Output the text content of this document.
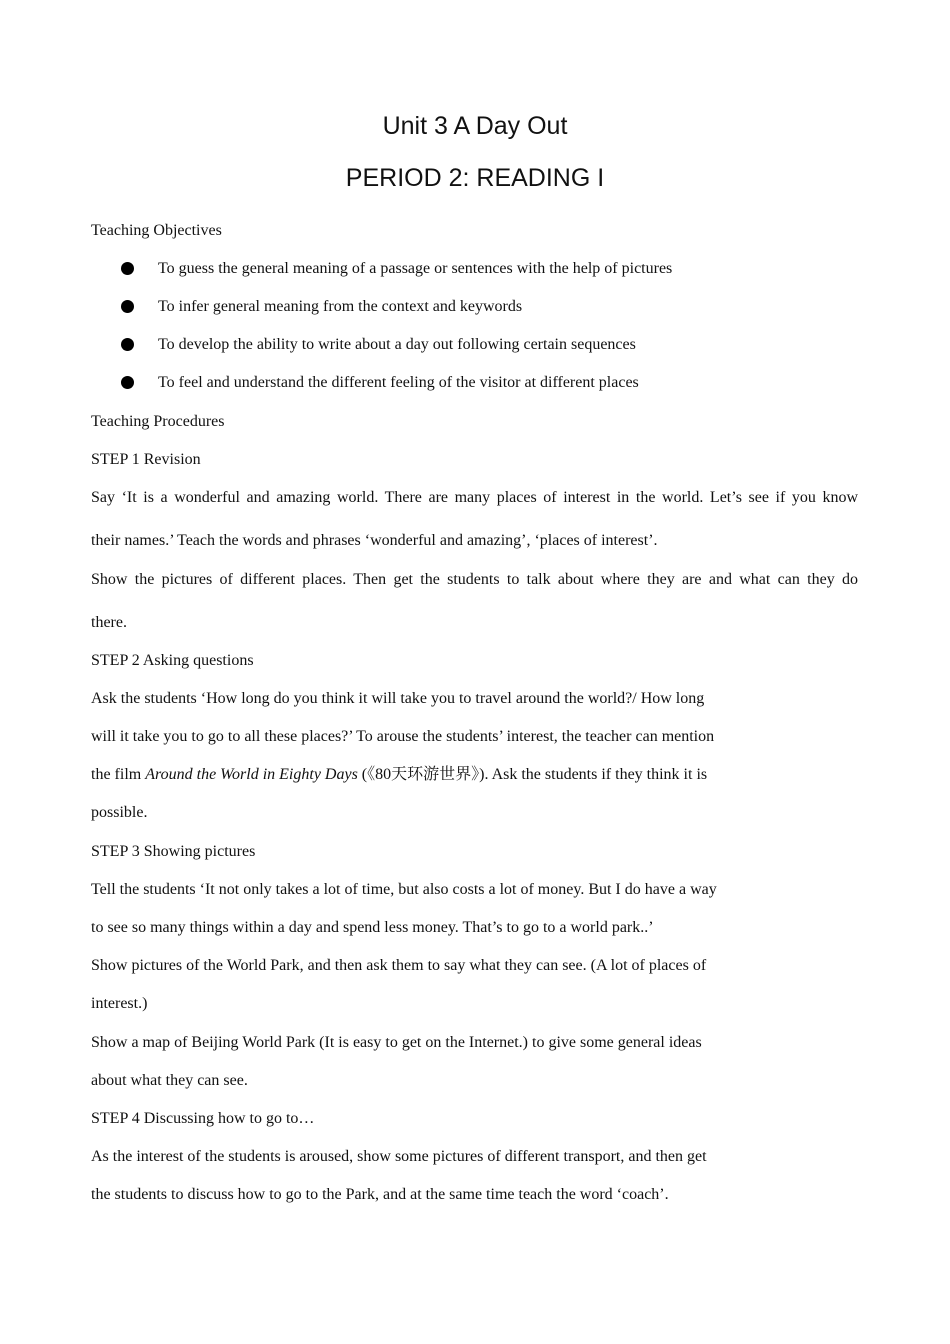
Unit 3 A Day Out
PERIOD 2: READING I
Teaching Objectives
To guess the general meaning of a passage or sentences with the help of pictures
To infer general meaning from the context and keywords
To develop the ability to write about a day out following certain sequences
To feel and understand the different feeling of the visitor at different places
Teaching Procedures
STEP 1 Revision
Say ‘It is a wonderful and amazing world. There are many places of interest in the world. Let’s see if you know
their names.’ Teach the words and phrases ‘wonderful and amazing’, ‘places of interest’.
Show the pictures of different places. Then get the students to talk about where they are and what can they do
there.
STEP 2 Asking questions
Ask the students ‘How long do you think it will take you to travel around the world?/ How long
will it take you to go to all these places?’ To arouse the students’ interest, the teacher can mention
the film Around the World in Eighty Days (《80天环游世界》). Ask the students if they think it is
possible.
STEP 3 Showing pictures
Tell the students ‘It not only takes a lot of time, but also costs a lot of money. But I do have a way
to see so many things within a day and spend less money. That’s to go to a world park..’
Show pictures of the World Park, and then ask them to say what they can see. (A lot of places of
interest.)
Show a map of Beijing World Park (It is easy to get on the Internet.) to give some general ideas
about what they can see.
STEP 4 Discussing how to go to…
As the interest of the students is aroused, show some pictures of different transport, and then get
the students to discuss how to go to the Park, and at the same time teach the word ‘coach’.
